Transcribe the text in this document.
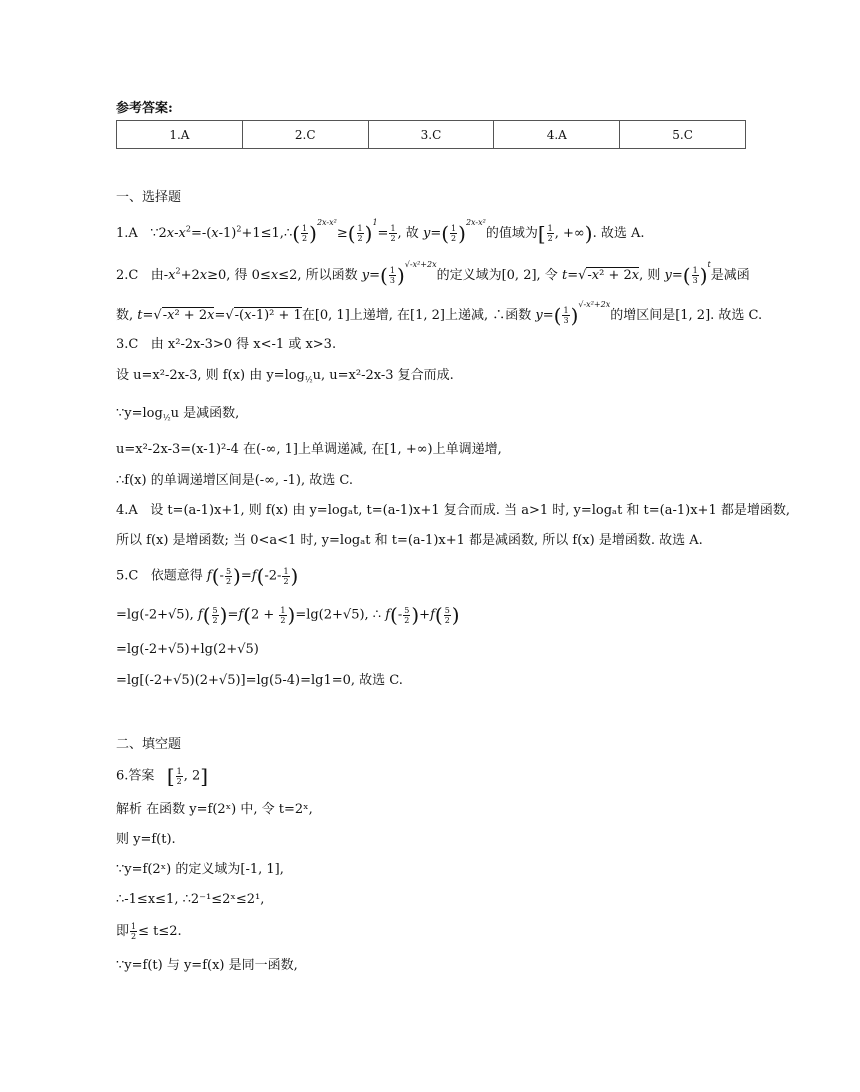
参考答案:
1.A	2.C	3.C	4.A	5.C
一、选择题
1.A $\because 2x-x^2=-(x-1)^2+1\le 1,\therefore( \frac{1}{2} )^{2x-x^2}\ge( \frac{1}{2} )^1= \frac{1}{2}$ , 故 $y=( \frac{1}{2} )^{2x-x^2}$的值域为[ $\frac{1}{2}$ , +∞). 故选 A.
2.C 由$-x^2+2x\ge 0$, 得 0≤x≤2, 所以函数 $y=( \frac{1}{3} )^{√-x^2+2x}$的定义域为[0, 2], 令 t=√-x² + 2x, 则 $y=( \frac{1}{3} )^t$是减函
数, t=√-x² + 2x=√-(x-1)² + 1在[0, 1]上递增, 在[1, 2]上递减, ∴函数 $y=( \frac{1}{3} )^{√-x^2+2x}$的增区间是[1, 2]. 故选 C.
3.C 由 x²-2x-3>0 得 x<-1 或 x>3.
设 u=x²-2x-3, 则 f(x) 由 $y=\log_{\frac{1}{2}}u$, u=x²-2x-3 复合而成.
$\because y=\log_{\frac{1}{2}}u$ 是减函数,
u=x²-2x-3=(x-1)²-4 在(-∞, 1]上单调递减, 在[1, +∞)上单调递增,
∴f(x) 的单调递增区间是(-∞, -1), 故选 C.
4.A 设 t=(a-1)x+1, 则 f(x) 由 y=logₐt, t=(a-1)x+1 复合而成. 当 a>1 时, y=logₐt 和 t=(a-1)x+1 都是增函数,
所以 f(x) 是增函数; 当 0<a<1 时, y=logₐt 和 t=(a-1)x+1 都是减函数, 所以 f(x) 是增函数. 故选 A.
5.C 依题意得 $f(- \frac{5}{2} )=f(-2- \frac{1}{2}$ )
=lg(-2+√5), $f( \frac{5}{2} )=f(2 + \frac{1}{2} )=\lg(2+√5)$, ∴ $f(- \frac{5}{2} )+f( \frac{5}{2}$ )
=lg(-2+√5)+lg(2+√5)
=lg[(-2+√5)(2+√5)]=lg(5-4)=lg1=0, 故选 C.
二、填空题
6.答案 [ $\frac{1}{2}$ , 2]
解析 在函数 y=f(2ˣ) 中, 令 t=2ˣ,
则 y=f(t).
∵y=f(2ˣ) 的定义域为[-1, 1],
∴-1≤x≤1, ∴2⁻¹≤2ˣ≤2¹,
即 $\frac{1}{2} \le t\le 2$.
∵y=f(t) 与 y=f(x) 是同一函数,
